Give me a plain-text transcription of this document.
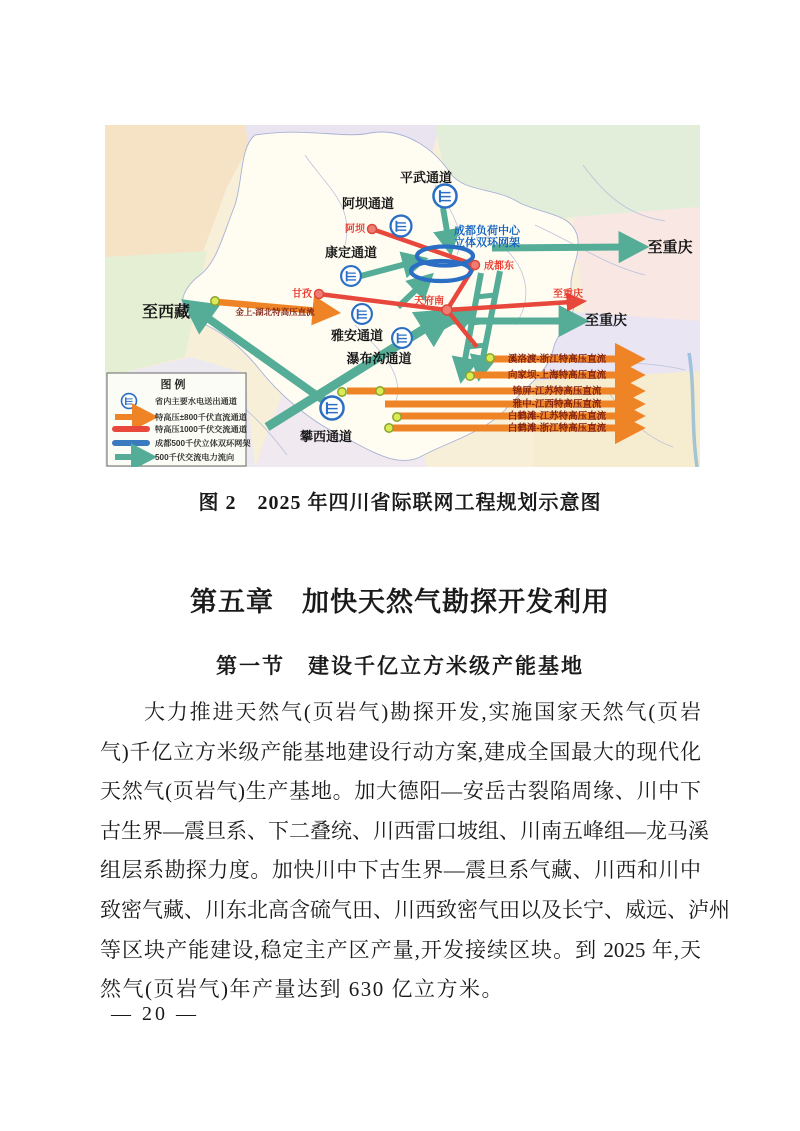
平武通道
阿坝通道
康定通道
雅安通道
瀑布沟通道
攀西通道
至西藏
至重庆
至重庆
阿坝
甘孜
天府南
成都东
至重庆
成都负荷中心
立体双环网架
金上-湖北特高压直流
溪洛渡-浙江特高压直流
向家坝-上海特高压直流
锦屏-江苏特高压直流
雅中-江西特高压直流
白鹤滩-江苏特高压直流
白鹤滩-浙江特高压直流
图 例
省内主要水电送出通道
特高压±800千伏直流通道
特高压1000千伏交流通道
成都500千伏立体双环网架
500千伏交流电力流向
图 2　2025 年四川省际联网工程规划示意图
第五章　加快天然气勘探开发利用
第一节　建设千亿立方米级产能基地
大力推进天然气(页岩气)勘探开发,实施国家天然气(页岩
气)千亿立方米级产能基地建设行动方案,建成全国最大的现代化
天然气(页岩气)生产基地。加大德阳—安岳古裂陷周缘、川中下
古生界—震旦系、下二叠统、川西雷口坡组、川南五峰组—龙马溪
组层系勘探力度。加快川中下古生界—震旦系气藏、川西和川中
致密气藏、川东北高含硫气田、川西致密气田以及长宁、威远、泸州
等区块产能建设,稳定主产区产量,开发接续区块。到 2025 年,天
然气(页岩气)年产量达到 630 亿立方米。
— 20 —
